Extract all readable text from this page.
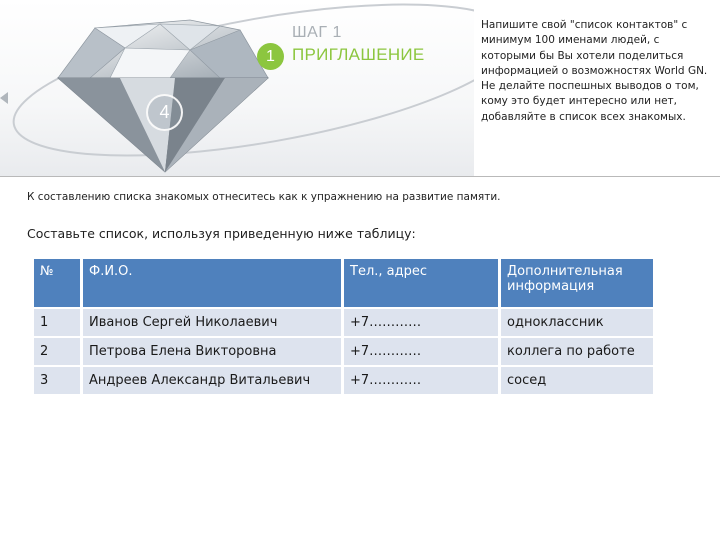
4
1
ШАГ 1
ПРИГЛАШЕНИЕ

Напишите свой "список контактов" с минимум 100 именами людей, с которыми бы Вы хотели поделиться информацией о возможностях World GN.

Не делайте поспешных выводов о том, кому это будет интересно или нет, добавляйте в список всех знакомых.

К составлению списка знакомых отнеситесь как к упражнению на развитие памяти.
Составьте список, используя приведенную ниже таблицу:
№	Ф.И.О.	Тел., адрес	Дополнительная информация
1	Иванов Сергей Николаевич	+7…………	одноклассник
2	Петрова Елена Викторовна	+7…………	коллега по работе
3	Андреев Александр Витальевич	+7…………	сосед
